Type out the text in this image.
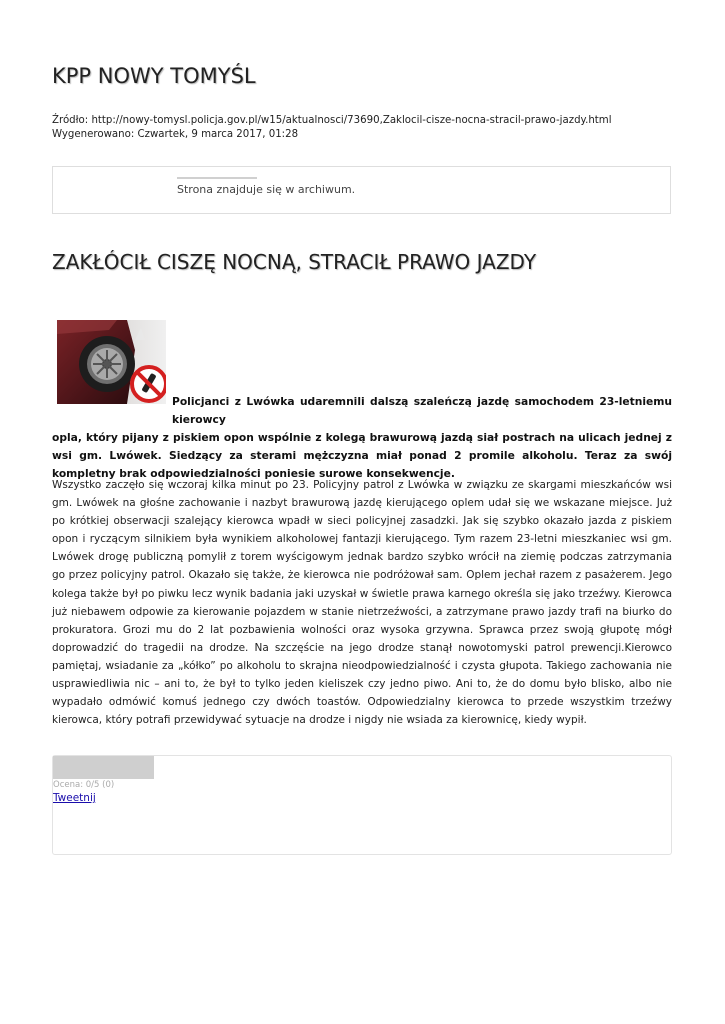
KPP NOWY TOMYŚL
Źródło: http://nowy-tomysl.policja.gov.pl/w15/aktualnosci/73690,Zaklocil-cisze-nocna-stracil-prawo-jazdy.html
Wygenerowano: Czwartek, 9 marca 2017, 01:28
Strona znajduje się w archiwum.
ZAKŁÓCIŁ CISZĘ NOCNĄ, STRACIŁ PRAWO JAZDY

Policjanci z Lwówka udaremnili dalszą szaleńczą jazdę samochodem 23-letniemu kierowcy
opla, który pijany z piskiem opon wspólnie z kolegą brawurową jazdą siał postrach na ulicach jednej z wsi gm. Lwówek. Siedzący za sterami mężczyzna miał ponad 2 promile alkoholu. Teraz za swój kompletny brak odpowiedzialności poniesie surowe konsekwencje.

Wszystko zaczęło się wczoraj kilka minut po 23. Policyjny patrol z Lwówka w związku ze skargami mieszkańców wsi gm. Lwówek na głośne zachowanie i nazbyt brawurową jazdę kierującego oplem udał się we wskazane miejsce. Już po krótkiej obserwacji szalejący kierowca wpadł w sieci policyjnej zasadzki. Jak się szybko okazało jazda z piskiem opon i ryczącym silnikiem była wynikiem alkoholowej fantazji kierującego. Tym razem 23-letni mieszkaniec wsi gm. Lwówek drogę publiczną pomylił z torem wyścigowym jednak bardzo szybko wrócił na ziemię podczas zatrzymania go przez policyjny patrol. Okazało się także, że kierowca nie podróżował sam. Oplem jechał razem z pasażerem. Jego kolega także był po piwku lecz wynik badania jaki uzyskał w świetle prawa karnego określa się jako trzeźwy. Kierowca już niebawem odpowie za kierowanie pojazdem w stanie nietrzeźwości, a zatrzymane prawo jazdy trafi na biurko do prokuratora. Grozi mu do 2 lat pozbawienia wolności oraz wysoka grzywna. Sprawca przez swoją głupotę mógł doprowadzić do tragedii na drodze. Na szczęście na jego drodze stanął nowotomyski patrol prewencji.Kierowco pamiętaj, wsiadanie za „kółko” po alkoholu to skrajna nieodpowiedzialność i czysta głupota. Takiego zachowania nie usprawiedliwia nic – ani to, że był to tylko jeden kieliszek czy jedno piwo. Ani to, że do domu było blisko, albo nie wypadało odmówić komuś jednego czy dwóch toastów. Odpowiedzialny kierowca to przede wszystkim trzeźwy kierowca, który potrafi przewidywać sytuacje na drodze i nigdy nie wsiada za kierownicę, kiedy wypił.

Ocena: 0/5 (0)
Tweetnij
